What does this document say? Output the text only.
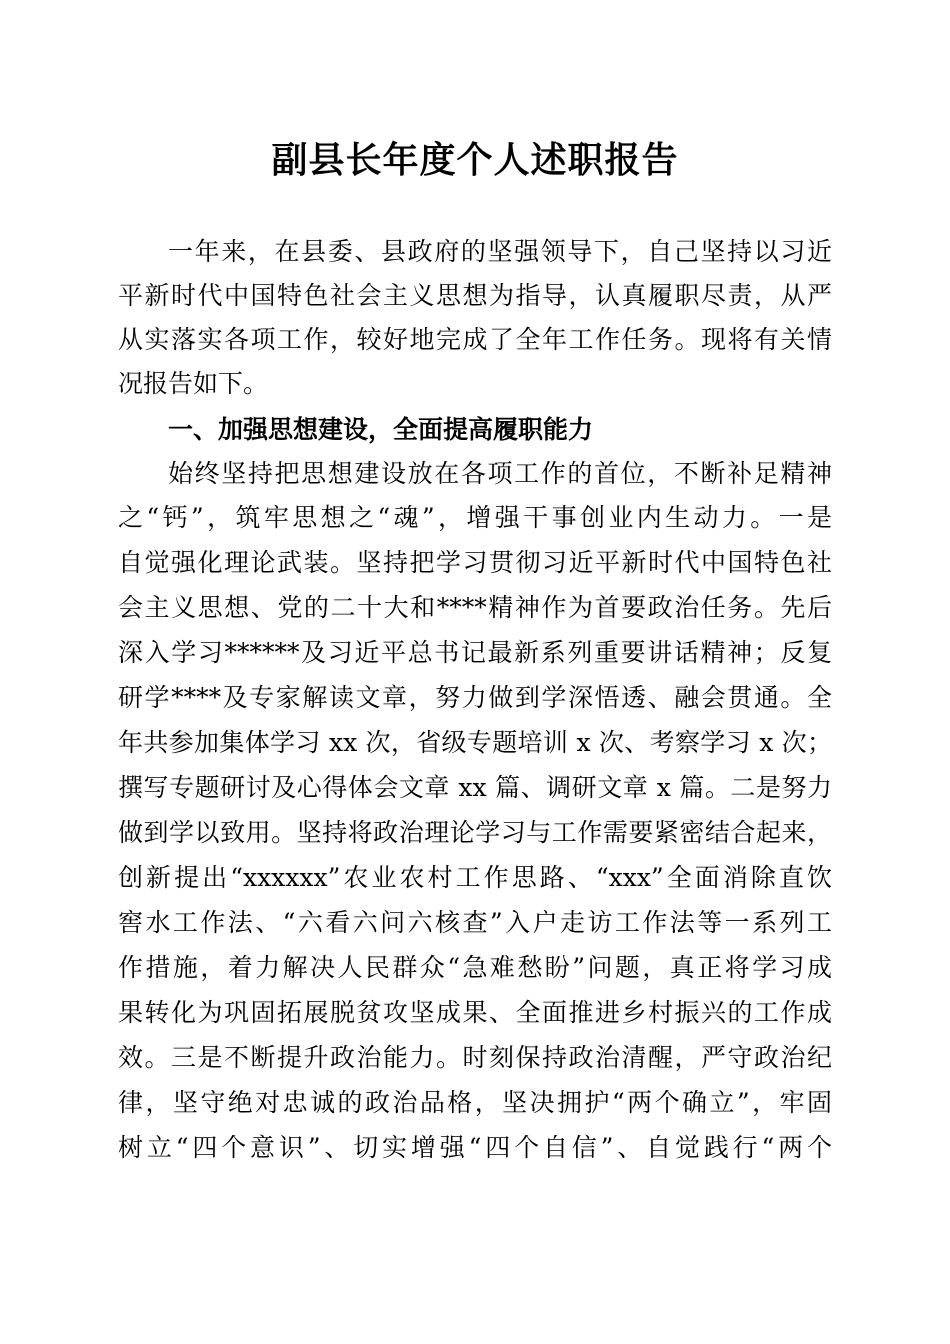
副县长年度个人述职报告

一年来，在县委、县政府的坚强领导下，自己坚持以习近

平新时代中国特色社会主义思想为指导，认真履职尽责，从严

从实落实各项工作，较好地完成了全年工作任务。现将有关情

况报告如下。

一、加强思想建设，全面提高履职能力

始终坚持把思想建设放在各项工作的首位，不断补足精神

之“钙”，筑牢思想之“魂”，增强干事创业内生动力。一是

自觉强化理论武装。坚持把学习贯彻习近平新时代中国特色社

会主义思想、党的二十大和****精神作为首要政治任务。先后

深入学习******及习近平总书记最新系列重要讲话精神；反复

研学****及专家解读文章，努力做到学深悟透、融会贯通。全

年共参加集体学习 xx 次，省级专题培训 x 次、考察学习 x 次；

撰写专题研讨及心得体会文章 xx 篇、调研文章 x 篇。二是努力

做到学以致用。坚持将政治理论学习与工作需要紧密结合起来，

创新提出“xxxxxx”农业农村工作思路、“xxx”全面消除直饮

窖水工作法、“六看六问六核查”入户走访工作法等一系列工

作措施，着力解决人民群众“急难愁盼”问题，真正将学习成

果转化为巩固拓展脱贫攻坚成果、全面推进乡村振兴的工作成

效。三是不断提升政治能力。时刻保持政治清醒，严守政治纪

律，坚守绝对忠诚的政治品格，坚决拥护“两个确立”，牢固

树立“四个意识”、切实增强“四个自信”、自觉践行“两个
